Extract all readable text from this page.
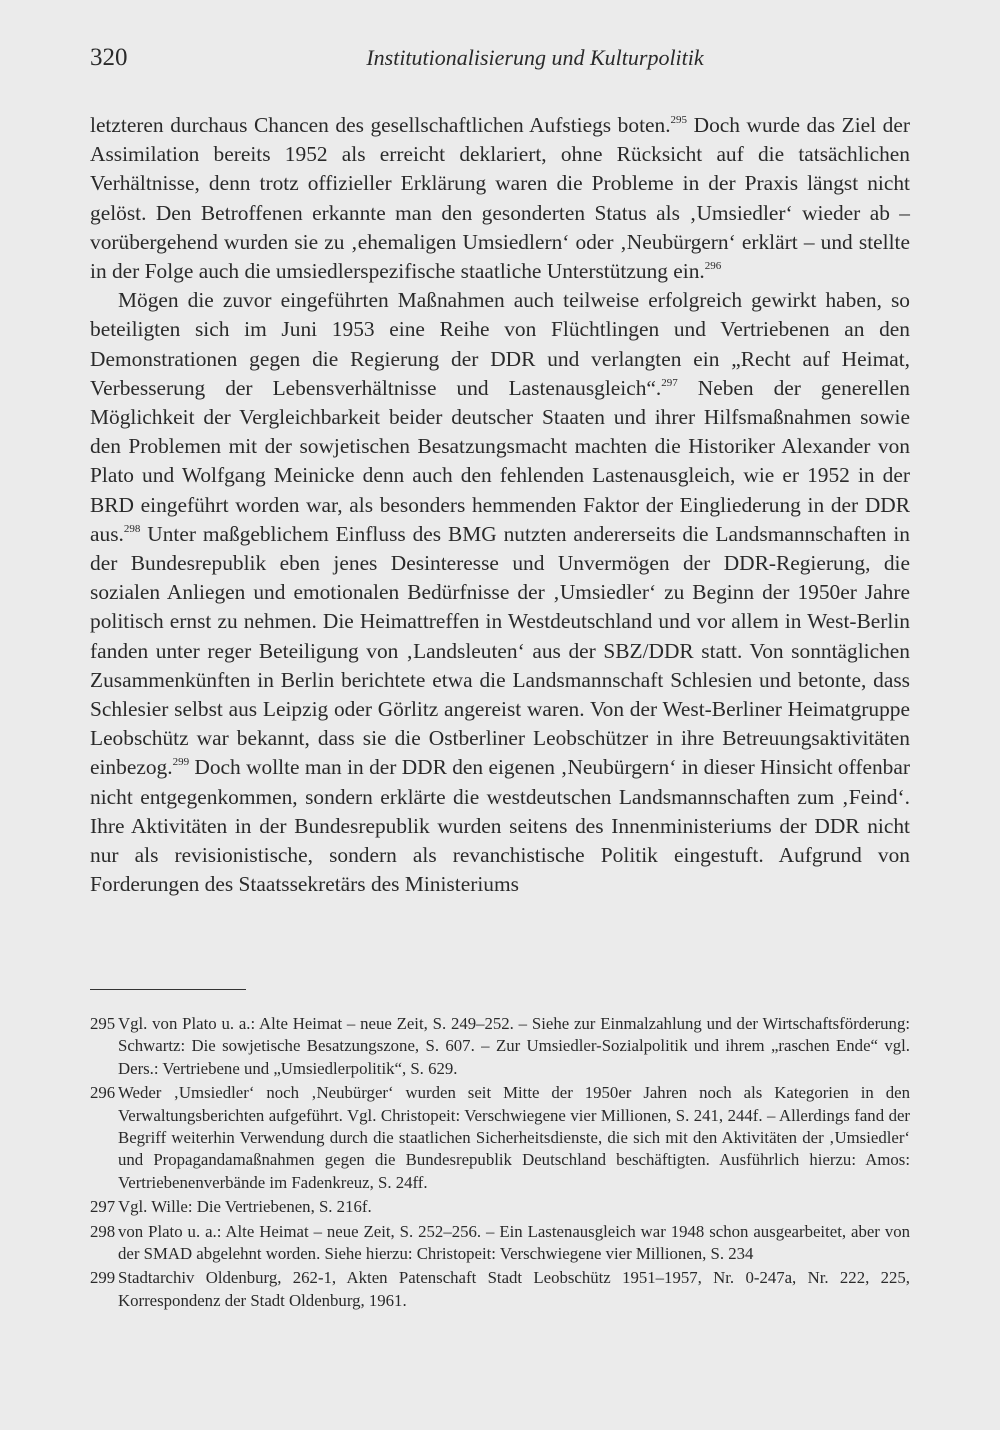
320	Institutionalisierung und Kulturpolitik

letzteren durchaus Chancen des gesellschaftlichen Aufstiegs boten.$^{295}$ Doch wurde das Ziel der Assimilation bereits 1952 als erreicht deklariert, ohne Rücksicht auf die tatsächlichen Verhältnisse, denn trotz offizieller Erklärung waren die Probleme in der Praxis längst nicht gelöst. Den Betroffenen erkannte man den gesonderten Status als ‚Umsiedler‘ wieder ab – vorübergehend wurden sie zu ‚ehemaligen Umsiedlern‘ oder ‚Neubürgern‘ erklärt – und stellte in der Folge auch die umsiedlerspezifische staatliche Unterstützung ein.$^{296}$

Mögen die zuvor eingeführten Maßnahmen auch teilweise erfolgreich gewirkt haben, so beteiligten sich im Juni 1953 eine Reihe von Flüchtlingen und Vertriebenen an den Demonstrationen gegen die Regierung der DDR und verlangten ein „Recht auf Heimat, Verbesserung der Lebensverhältnisse und Lastenausgleich“.$^{297}$ Neben der generellen Möglichkeit der Vergleichbarkeit beider deutscher Staaten und ihrer Hilfsmaßnahmen sowie den Problemen mit der sowjetischen Besatzungsmacht machten die Historiker Alexander von Plato und Wolfgang Meinicke denn auch den fehlenden Lastenausgleich, wie er 1952 in der BRD eingeführt worden war, als besonders hemmenden Faktor der Eingliederung in der DDR aus.$^{298}$ Unter maßgeblichem Einfluss des BMG nutzten andererseits die Landsmannschaften in der Bundesrepublik eben jenes Desinteresse und Unvermögen der DDR-Regierung, die sozialen Anliegen und emotionalen Bedürfnisse der ‚Umsiedler‘ zu Beginn der 1950er Jahre politisch ernst zu nehmen. Die Heimattreffen in Westdeutschland und vor allem in West-Berlin fanden unter reger Beteiligung von ‚Landsleuten‘ aus der SBZ/DDR statt. Von sonntäglichen Zusammenkünften in Berlin berichtete etwa die Landsmannschaft Schlesien und betonte, dass Schlesier selbst aus Leipzig oder Görlitz angereist waren. Von der West-Berliner Heimatgruppe Leobschütz war bekannt, dass sie die Ostberliner Leobschützer in ihre Betreuungsaktivitäten einbezog.$^{299}$ Doch wollte man in der DDR den eigenen ‚Neubürgern‘ in dieser Hinsicht offenbar nicht entgegenkommen, sondern erklärte die westdeutschen Landsmannschaften zum ‚Feind‘. Ihre Aktivitäten in der Bundesrepublik wurden seitens des Innenministeriums der DDR nicht nur als revisionistische, sondern als revanchistische Politik eingestuft. Aufgrund von Forderungen des Staatssekretärs des Ministeriums

295 Vgl. von Plato u. a.: Alte Heimat – neue Zeit, S. 249–252. – Siehe zur Einmalzahlung und der Wirtschaftsförderung: Schwartz: Die sowjetische Besatzungszone, S. 607. – Zur Umsiedler-Sozialpolitik und ihrem „raschen Ende“ vgl. Ders.: Vertriebene und „Umsiedlerpolitik“, S. 629.
296 Weder ‚Umsiedler‘ noch ‚Neubürger‘ wurden seit Mitte der 1950er Jahren noch als Kategorien in den Verwaltungsberichten aufgeführt. Vgl. Christopeit: Verschwiegene vier Millionen, S. 241, 244f. – Allerdings fand der Begriff weiterhin Verwendung durch die staatlichen Sicherheitsdienste, die sich mit den Aktivitäten der ‚Umsiedler‘ und Propagandamaßnahmen gegen die Bundesrepublik Deutschland beschäftigten. Ausführlich hierzu: Amos: Vertriebenenverbände im Fadenkreuz, S. 24ff.
297 Vgl. Wille: Die Vertriebenen, S. 216f.
298 von Plato u. a.: Alte Heimat – neue Zeit, S. 252–256. – Ein Lastenausgleich war 1948 schon ausgearbeitet, aber von der SMAD abgelehnt worden. Siehe hierzu: Christopeit: Verschwiegene vier Millionen, S. 234
299 Stadtarchiv Oldenburg, 262-1, Akten Patenschaft Stadt Leobschütz 1951–1957, Nr. 0-247a, Nr. 222, 225, Korrespondenz der Stadt Oldenburg, 1961.
